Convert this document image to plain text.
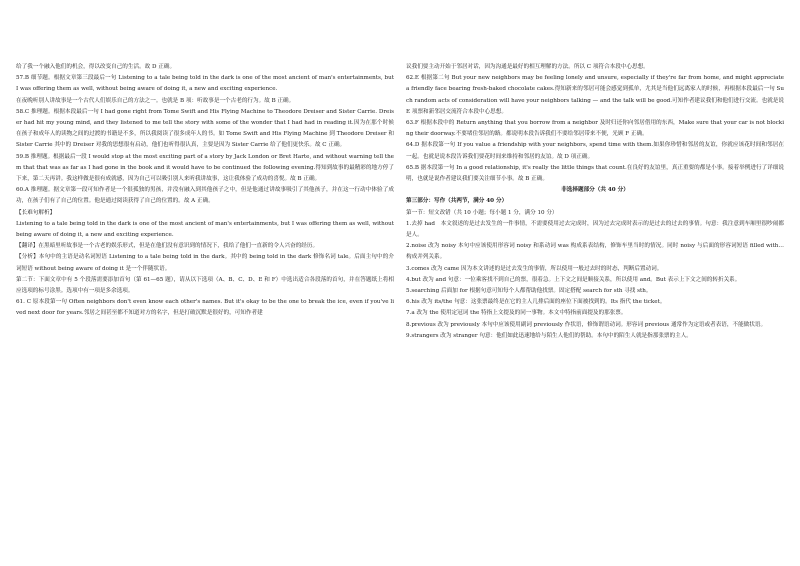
给了我一个融入他们的机会，得以改变自己的生活。故 D 正确。

57.B 细节题。根据文章第三段最后一句 Listening to a tale being told in the dark is one of the most ancient of man's entertainments, but I was offering them as well, without being aware of doing it, a new and exciting experience.

在夜晚听别人讲故事是一个古代人们娱乐自己的方法之一。也就是 B 项：听故事是一个古老的行为。故 B 正确。

58.C 推理题。根据本段最后一句 I had gone right from Tome Swift and His Flying Machine to Theodore Dreiser and Sister Carrie. Dreiser had hit my young mind, and they listened to me tell the story with some of the wonder that I had had in reading it.因为在那个时候在孩子和成年人的读物之间的过渡的书籍是不多，所以我阅读了很多成年人的书。如 Tome Swift and His Flying Machine 到 Theodore Dreiser 和 Sister Carrie 其中的 Dreiser 对我的思想很有启动，他们也听得很认真，主要是因为 Sister Carrie 给了他们更快乐。故 C 正确。

59.B 推理题。根据最后一段 I would stop at the most exciting part of a story by Jack London or Bret Harte, and without warning tell them that that was as far as I had gone in the book and it would have to be continued the following evening.得知到故事的最精彩的地方停了下来，第二天再讲。我这样做是很有成就感，因为自己可以吸引别人来听我讲故事，这让我体验了成功的喜悦。故 B 正确。

60.A 推理题。据文章第一段可知作者是一个很孤独的男孩，并没有融入到其他孩子之中，但是他通过讲故事吸引了其他孩子，并在这一行动中体验了成功，在孩子们有了自己的位置。他是通过阅读获得了自己的位置的。故 A 正确。

【长难句解析】

Listening to a tale being told in the dark is one of the most ancient of man's entertainments, but I was offering them as well, without being aware of doing it, a new and exciting experience.

【翻译】在黑暗里听故事是一个古老的娱乐形式，但是在他们没有意识到的情况下，我给了他们一直新的令人兴奋的经历。

【分析】本句中的主语是动名词短语 Listening to a tale being told in the dark。其中的 being told in the dark 修饰名词 tale。后面主句中的介词短语 without being aware of doing it 是一个伴随状语。

第二节：下面文章中有 5 个段落需要添加首句（第 61—65 题），请从以下选项（A、B、C、D、E 和 F）中选出适合各段落的首句，并在答题纸上将相应选项的标号涂黑。选项中有一项是多余选项。

61. C 原本段第一句 Often neighbors don't even know each other's names. But it's okay to be the one to break the ice, even if you've lived next door for years.邻居之间甚至都不知道对方的名字，但是打破沉默是很好的，可知作者建

议我们要主动开始于邻居对话，因为沟通是最好的相互理解的方法。所以 C 项符合本段中心思想。

62.E 根据第二句 But your new neighbors may be feeling lonely and unsure, especially if they're far from home, and might appreciate a friendly face bearing fresh-baked chocolate cakes.得知新来的邻居可能会感觉到孤单，尤其是当他们远离家人的时候，再根据本段最后一句 Such random acts of consideration will have your neighbors talking — and the talk will be good.可知作者建议我们和他们进行交流。也就是说 E 项票和新邻居交流符合本段中心思想。

63.F 根据本段中的 Return anything that you borrow from a neighbor 及时归还你向邻居借用的东西，Make sure that your car is not blocking their doorway.不要堵住邻居的路。都说明本段告诉我们不要给邻居带来不便，光顾 F 正确。

64.D 据本段第一句 If you value a friendship with your neighbors, spend time with them.如果你珍惜和邻居的友谊，你就应该花时间和邻居在一起。也就是说本段告诉我们要花时间来维持和邻居的友谊。故 D 项正确。

65.B 据本段第一句 In a good relationship, it's really the little things that count.在良好的友谊里，真正重要的都是小事。接着举例进行了详细说明，也就是说作者建议我们要关注细节小事。故 B 正确。

非选择题部分（共 40 分）

第三部分：写作（共两节，满分 40 分）

第一节：短文改错（共 10 小题；每小题 1 分，满分 10 分）

1.去掉 had　本文叙述的是过去发生的一件事情，不需要使用过去完成时，因为过去完成时表示的是过去的过去的事情。句意：我注意到车厢里很吵闹都是人。

2.noise 改为 noisy 本句中应该使用形容词 noisy 和系动词 was 构成系表结构，修饰车里当时的情况。同时 noisy 与后面的形容词短语 filled with…构成并列关系。

3.comes 改为 came 因为本文讲述的是过去发生的事情，所以使用一般过去时的时态，判断后置动词。

4.but 改为 and 句意：一位乘客找不到自己的票，很着急。上下文之间是顺接关系，所以使用 and。But 表示上下文之间的转折关系。

5.searching 后面加 for 根据句意可知每个人都帮助他找票。固定搭配 search for sth 寻找 sth。

6.his 改为 its/the 句意：这张票最终是在它的主人几排后面的座位下面被找到的。Its 指代 the ticket。

7.a 改为 the 使用定冠词 the 特指上文提及的同一事物。本文中特指前面提及的那张票。

8.previous 改为 previously 本句中应该使用副词 previously 作状语，修饰谓语动词。形容词 previous 通常作为定语或者表语，不能做状语。

9.strangers 改为 stranger 句意：他们如此迅速地给与陌生人他们的帮助。本句中的陌生人就是指那张票的主人。
